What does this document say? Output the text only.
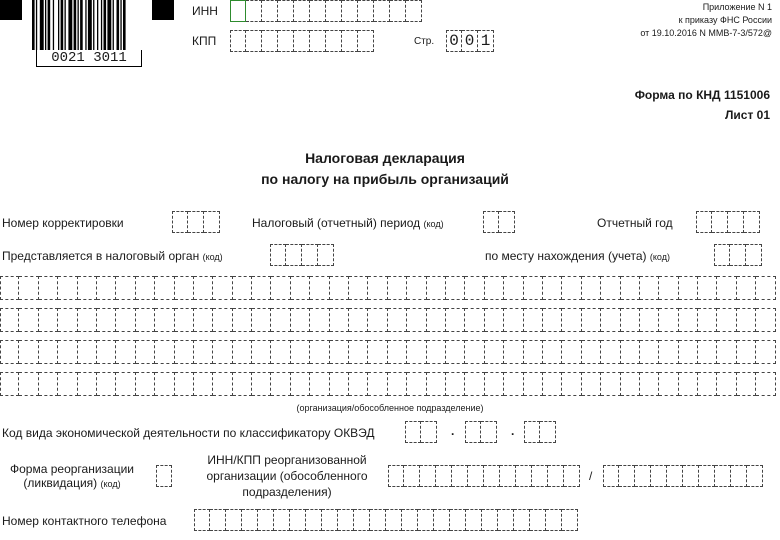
0021 3011
ИНН
КПП	Стр. 0 0 1
Приложение N 1
к приказу ФНС России
от 19.10.2016 N ММВ-7-3/572@
Форма по КНД 1151006
Лист 01
Налоговая декларация
по налогу на прибыль организаций
Номер корректировки	Налоговый (отчетный) период (код)	Отчетный год
Представляется в налоговый орган (код)	по месту нахождения (учета) (код)
(организация/обособленное подразделение)
Код вида экономической деятельности по классификатору ОКВЭД	.	.
Форма реорганизации
(ликвидация) (код)
ИНН/КПП реорганизованной
организации (обособленного
подразделения)
/
Номер контактного телефона
